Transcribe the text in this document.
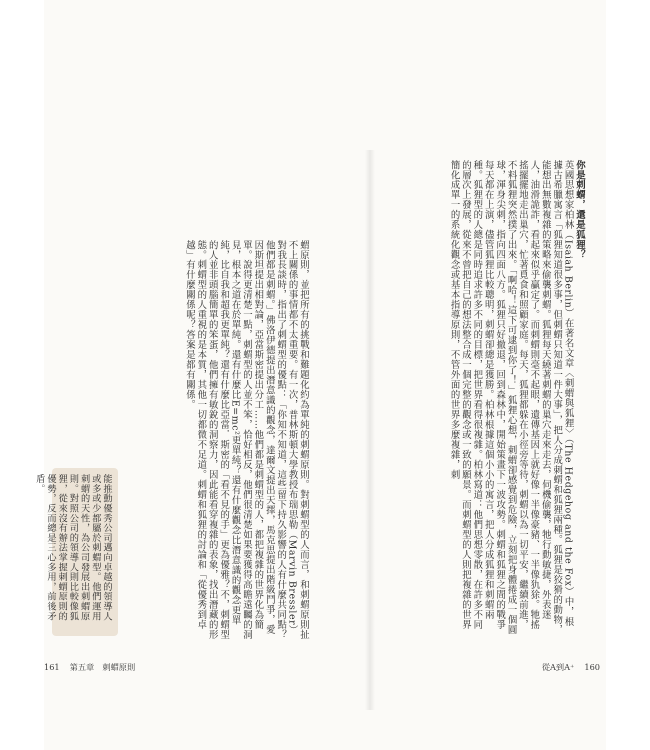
蝟原則，並把所有的挑戰和難題化約為單純的刺蝟原則。對刺蝟型的人而言，和刺蝟原則扯不上關係的事情都不太重要。有一次，普林斯頓大學教授布瑞思勒（Marvin Bressler）對我長談時，指出了刺蝟型的優點：「你知不知道，這些留下持久影響的人有什麼共同點？他們都是刺蝟。」佛洛伊德提出潛意識的觀念，達爾文提出天擇，馬克思提出階級鬥爭，愛因斯坦提出相對論，亞當斯密提出分工……他們都是刺蝟型的人，都把複雜的世界化為簡單。說得更清楚一點，刺蝟型的人並不笨，恰好相反，他們很清楚如果要獲得高瞻遠矚的洞見，根本之道在於單純。還有什麼比E=mc²更單純？還有什麼觀念比潛意識的觀念更單純，比自我和超我更單純？還有什麼比亞當．斯密的「看不見的手」更為優雅？不，刺蝟型的人並非頭腦簡單的笨蛋，他們擁有敏銳的洞察力，因此能看穿複雜的表象，找出潛藏的形態。刺蝟型的人重視的是本質，其他一切都微不足道。刺蝟和狐狸的討論和「從優秀到卓越」有什麼關係呢？答案是都有關係。
能推動優秀公司邁向卓越的領導人或多或少都屬於刺蝟型。他們運用刺蝟的天性，為公司發展出刺蝟原則。對照公司的領導人則比較像狐狸，從來沒有辦法掌握刺蝟原則的優勢，反而總是三心多用，前後矛盾。
161 第五章　刺蝟原則
你是刺蝟，還是狐狸？
英國思想家柏林（Isaiah Berlin）在著名文章〈刺蝟與狐狸〉（The Hedgehog and the Fox）中，根據古希臘寓言「狐狸知道很多事，但刺蝟只知道一件大事」，把人分成刺蝟和狐狸兩種。狐狸是狡猾的動物，能想出無數複雜的策略來偷襲刺蝟。狐狸每天繞著刺蝟的巢穴走來走去，伺機偷襲，牠行動敏捷，外表迷人，油滑詭詐，看起來似乎贏定了。而刺蝟則毫不起眼，遺傳基因上就好像一半像豪豬、一半像犰狳。牠搖搖擺擺地走出巢穴，忙著覓食和照顧家庭。每天，狐狸都躲在小徑旁等待，刺蝟以為一切平安，繼續前進，不料狐狸突然撲了出來。「啊哈！這下可逮到你了！」狐狸心想，刺蝟卻感覺到危險，立刻把身體捲成一個圓球，渾身尖刺，指向四面八方。狐狸只好撤退，回到森林中，開始策畫下一波攻勢。刺蝟和狐狸之間的戰爭每天都在上演，儘管狐狸比較聰明，刺蝟卻總是獲勝。柏林根據這個小小的寓言，把人分成狐狸和刺蝟兩種。狐狸型的人總是同時追求許多不同的目標，把世界看得很複雜。柏林寫道：他們思想零散，在許多不同的層次上發展，從來不曾把自己的想法整合成一個完整的觀念或一致的願景。而刺蝟型的人則把複雜的世界簡化成單一的系統化觀念或基本指導原則，不管外面的世界多麼複雜，刺
從A到A⁺ 160
